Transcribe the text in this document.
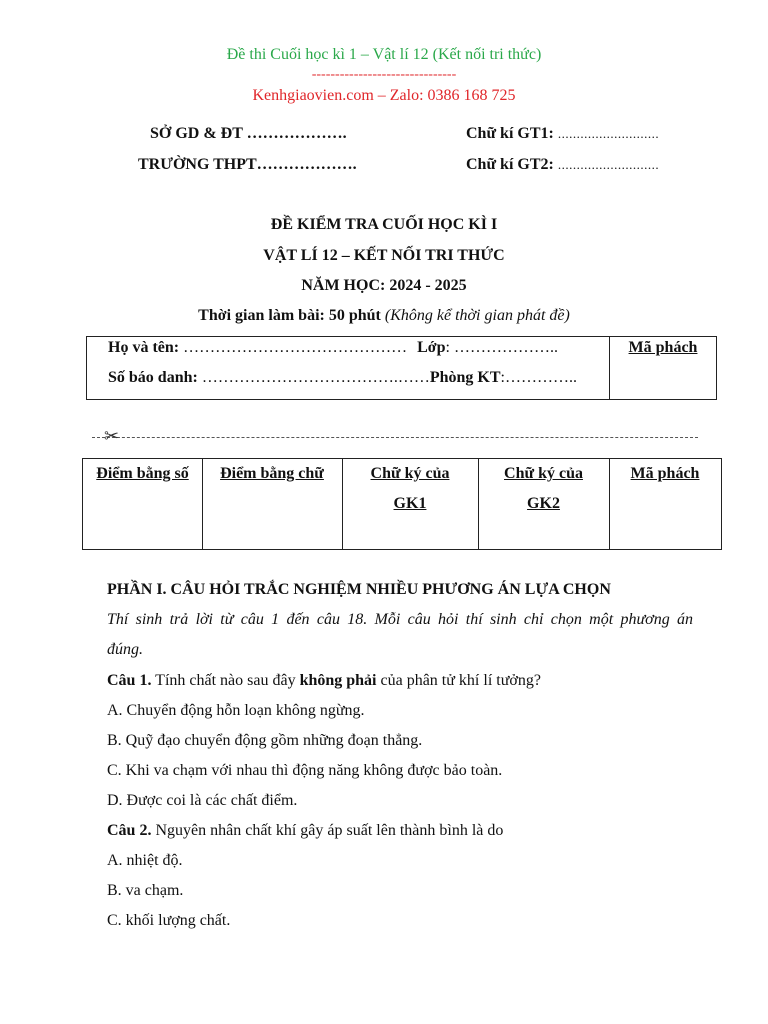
Đề thi Cuối học kì 1 – Vật lí 12 (Kết nối tri thức)
-------------------------------
Kenhgiaovien.com – Zalo: 0386 168 725
SỞ GD & ĐT ……………….
TRƯỜNG THPT……………….
Chữ kí GT1: ...........................
Chữ kí GT2: ...........................
ĐỀ KIỂM TRA CUỐI HỌC KÌ I
VẬT LÍ 12 – KẾT NỐI TRI THỨC
NĂM HỌC: 2024 - 2025
Thời gian làm bài: 50 phút (Không kể thời gian phát đề)
Họ và tên: …………………………………… Lớp: ………………..
Số báo danh: ……………………………….……Phòng KT:…………..
Mã phách
✂
Điểm bằng số	Điểm bằng chữ	Chữ ký của
GK1
Chữ ký của
GK2
Mã phách
PHẦN I. CÂU HỎI TRẮC NGHIỆM NHIỀU PHƯƠNG ÁN LỰA CHỌN
Thí sinh trả lời từ câu 1 đến câu 18. Mỗi câu hỏi thí sinh chỉ chọn một phương án
đúng.
Câu 1. Tính chất nào sau đây không phải của phân tử khí lí tưởng?
A. Chuyển động hỗn loạn không ngừng.
B. Quỹ đạo chuyển động gồm những đoạn thẳng.
C. Khi va chạm với nhau thì động năng không được bảo toàn.
D. Được coi là các chất điểm.
Câu 2. Nguyên nhân chất khí gây áp suất lên thành bình là do
A. nhiệt độ.
B. va chạm.
C. khối lượng chất.
